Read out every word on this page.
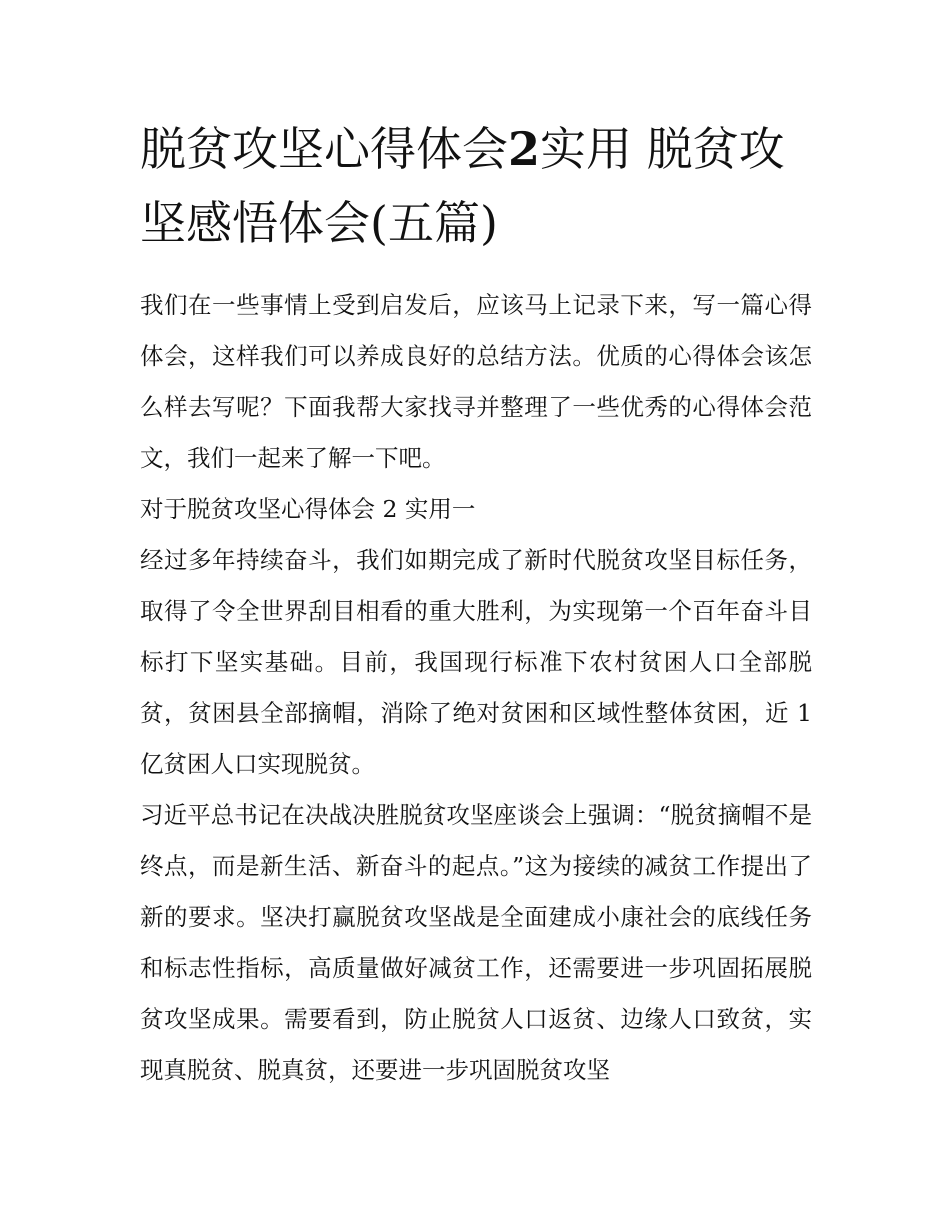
脱贫攻坚心得体会2实用 脱贫攻坚感悟体会(五篇)

我们在一些事情上受到启发后，应该马上记录下来，写一篇心得体会，这样我们可以养成良好的总结方法。优质的心得体会该怎么样去写呢？下面我帮大家找寻并整理了一些优秀的心得体会范文，我们一起来了解一下吧。

对于脱贫攻坚心得体会 2 实用一

经过多年持续奋斗，我们如期完成了新时代脱贫攻坚目标任务，取得了令全世界刮目相看的重大胜利，为实现第一个百年奋斗目标打下坚实基础。目前，我国现行标准下农村贫困人口全部脱贫，贫困县全部摘帽，消除了绝对贫困和区域性整体贫困，近 1 亿贫困人口实现脱贫。

习近平总书记在决战决胜脱贫攻坚座谈会上强调：“脱贫摘帽不是终点，而是新生活、新奋斗的起点。”这为接续的减贫工作提出了新的要求。坚决打赢脱贫攻坚战是全面建成小康社会的底线任务和标志性指标，高质量做好减贫工作，还需要进一步巩固拓展脱贫攻坚成果。需要看到，防止脱贫人口返贫、边缘人口致贫，实现真脱贫、脱真贫，还要进一步巩固脱贫攻坚
